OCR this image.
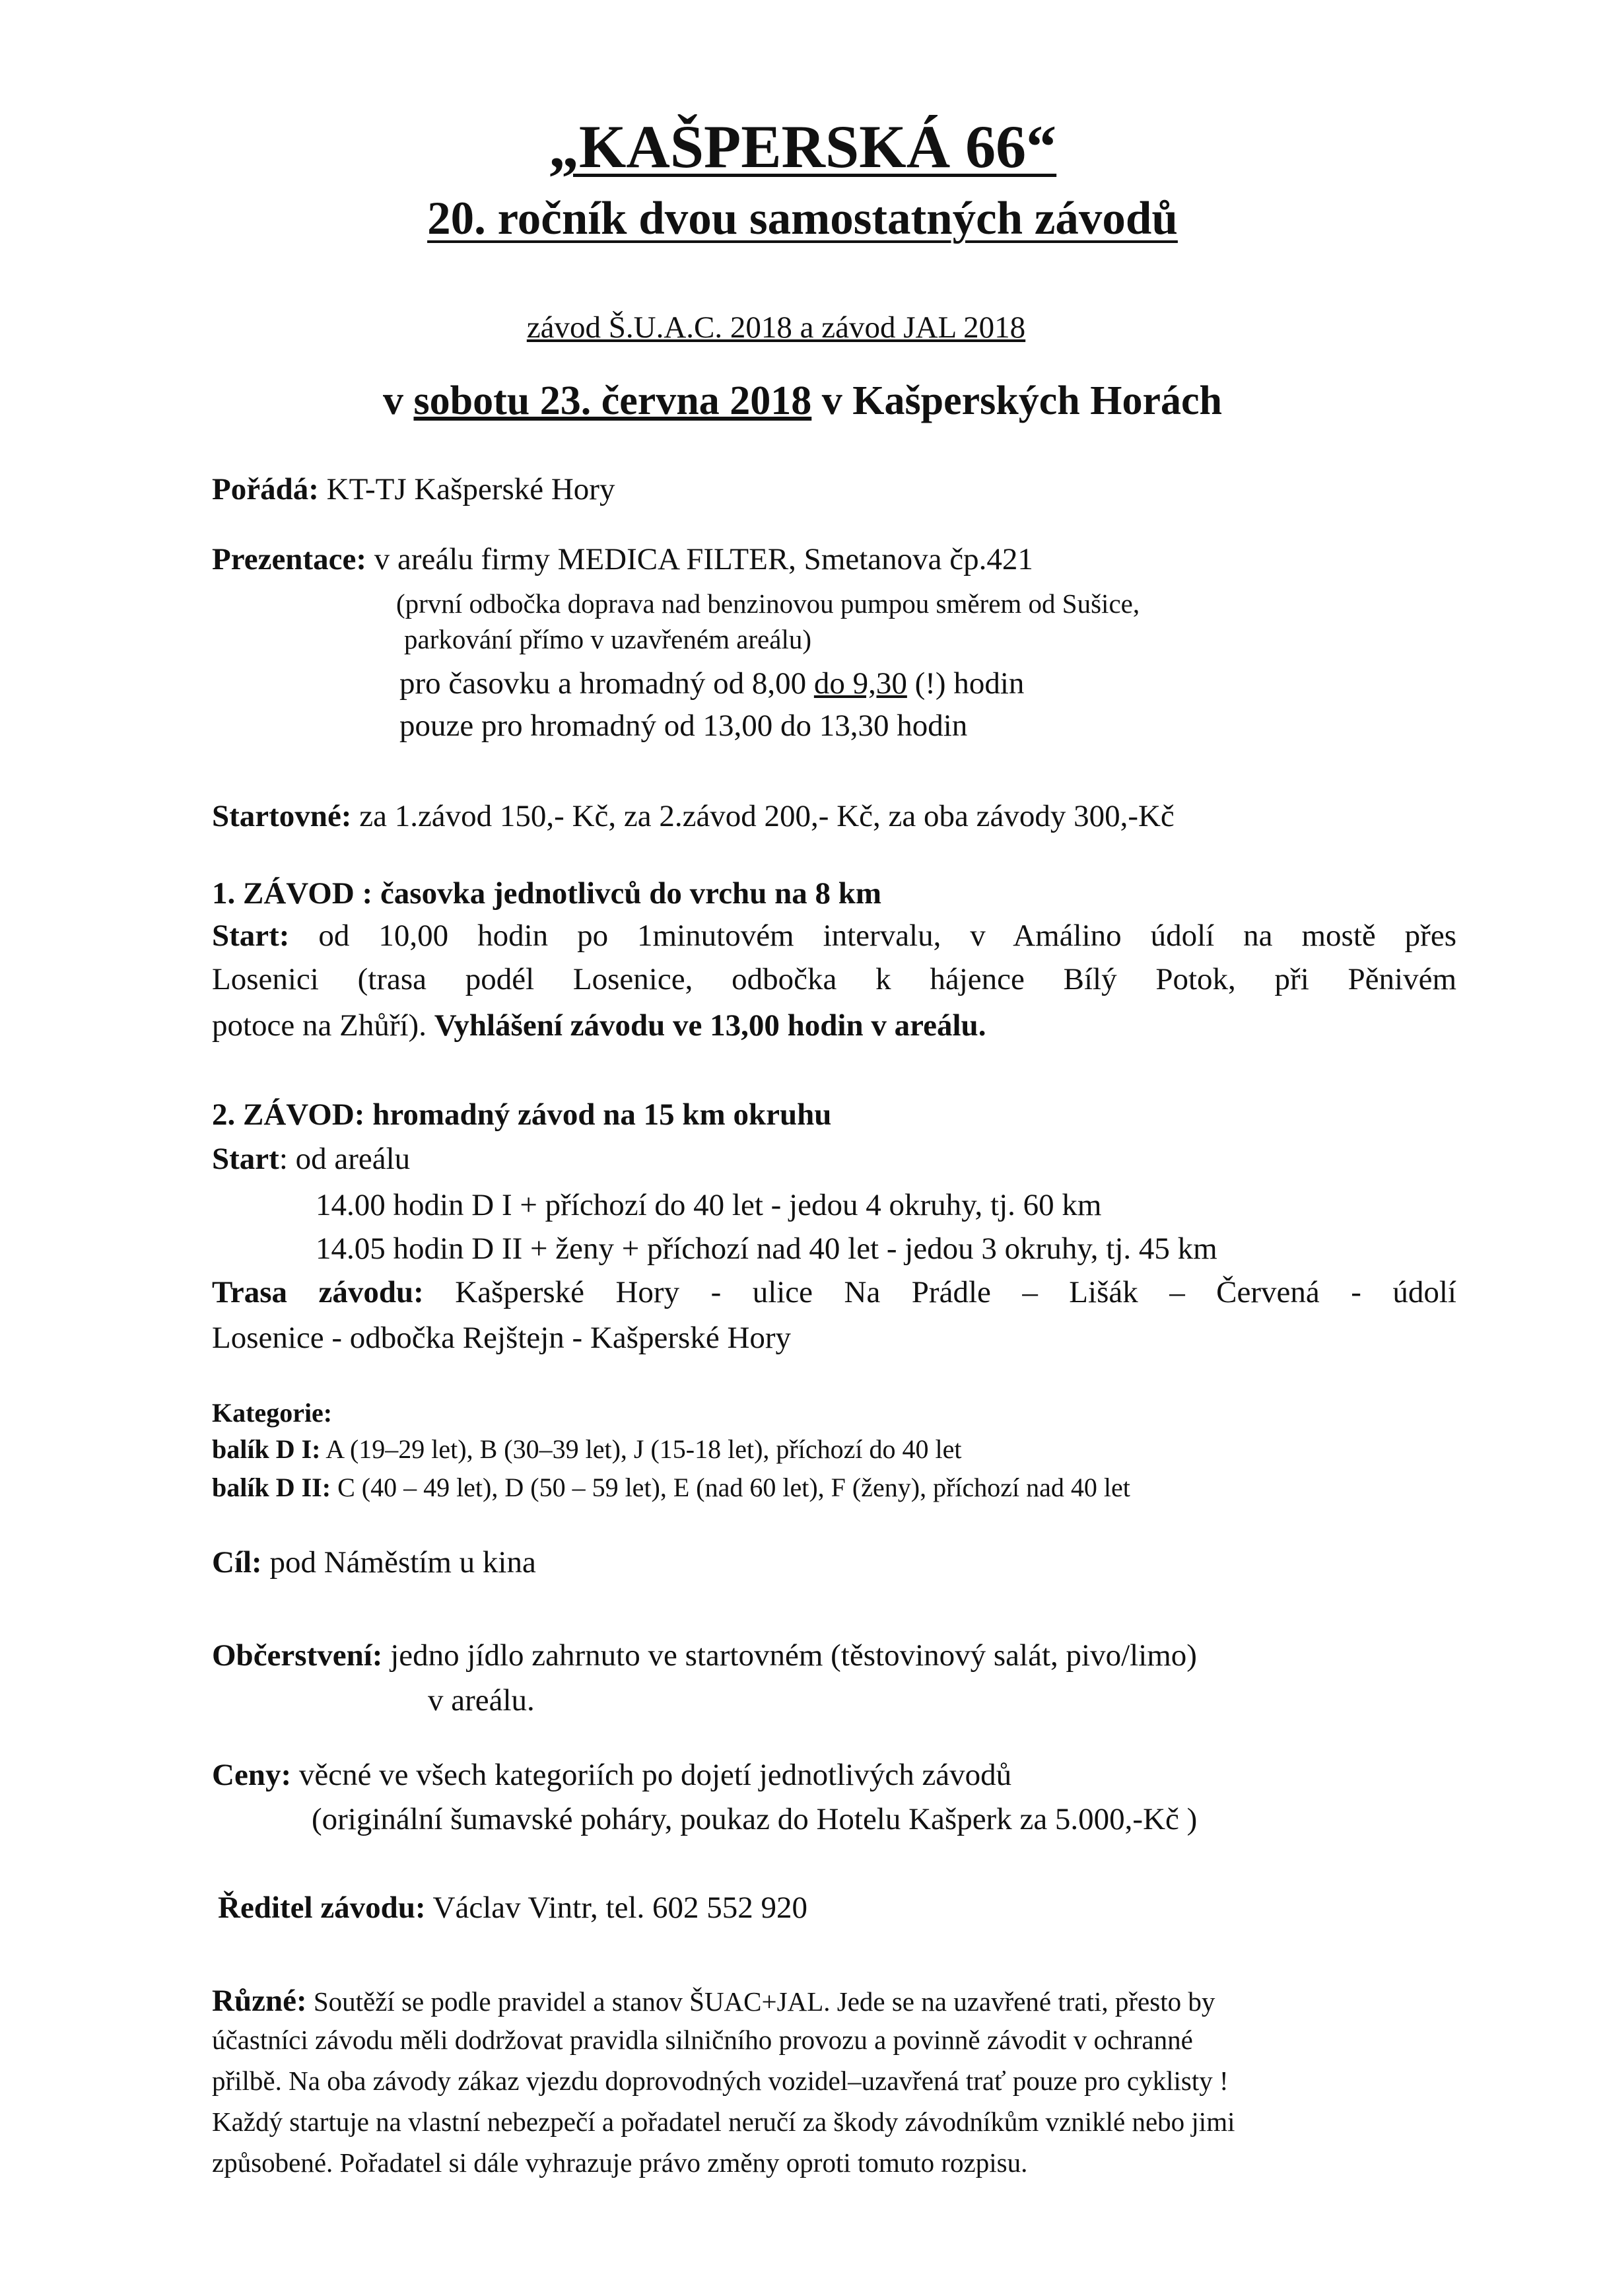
„KAŠPERSKÁ 66“
20. ročník dvou samostatných závodů
závod Š.U.A.C. 2018 a závod JAL 2018
v sobotu 23. června 2018 v Kašperských Horách
Pořádá: KT-TJ Kašperské Hory
Prezentace: v areálu firmy MEDICA FILTER, Smetanova čp.421
(první odbočka doprava nad benzinovou pumpou směrem od Sušice,
parkování přímo v uzavřeném areálu)
pro časovku a hromadný od 8,00 do 9,30 (!) hodin
pouze pro hromadný od 13,00 do 13,30 hodin
Startovné: za 1.závod 150,- Kč, za 2.závod 200,- Kč, za oba závody 300,-Kč
1. ZÁVOD : časovka jednotlivců do vrchu na 8 km
Start: od 10,00 hodin po 1minutovém intervalu, v Amálino údolí na mostě přes
Losenici (trasa podél Losenice, odbočka k hájence Bílý Potok, při Pěnivém
potoce na Zhůří). Vyhlášení závodu ve 13,00 hodin v areálu.
2. ZÁVOD: hromadný závod na 15 km okruhu
Start: od areálu
14.00 hodin D I + příchozí do 40 let - jedou 4 okruhy, tj. 60 km
14.05 hodin D II + ženy + příchozí nad 40 let - jedou 3 okruhy, tj. 45 km
Trasa závodu: Kašperské Hory - ulice Na Prádle – Lišák – Červená - údolí
Losenice - odbočka Rejštejn - Kašperské Hory
Kategorie:
balík D I: A (19–29 let), B (30–39 let), J (15-18 let), příchozí do 40 let
balík D II: C (40 – 49 let), D (50 – 59 let), E (nad 60 let), F (ženy), příchozí nad 40 let
Cíl: pod Náměstím u kina
Občerstvení: jedno jídlo zahrnuto ve startovném (těstovinový salát, pivo/limo)
v areálu.
Ceny: věcné ve všech kategoriích po dojetí jednotlivých závodů
(originální šumavské poháry, poukaz do Hotelu Kašperk za 5.000,-Kč )
Ředitel závodu: Václav Vintr, tel. 602 552 920
Různé: Soutěží se podle pravidel a stanov ŠUAC+JAL. Jede se na uzavřené trati, přesto by
účastníci závodu měli dodržovat pravidla silničního provozu a povinně závodit v ochranné
přilbě. Na oba závody zákaz vjezdu doprovodných vozidel–uzavřená trať pouze pro cyklisty !
Každý startuje na vlastní nebezpečí a pořadatel neručí za škody závodníkům vzniklé nebo jimi
způsobené. Pořadatel si dále vyhrazuje právo změny oproti tomuto rozpisu.
